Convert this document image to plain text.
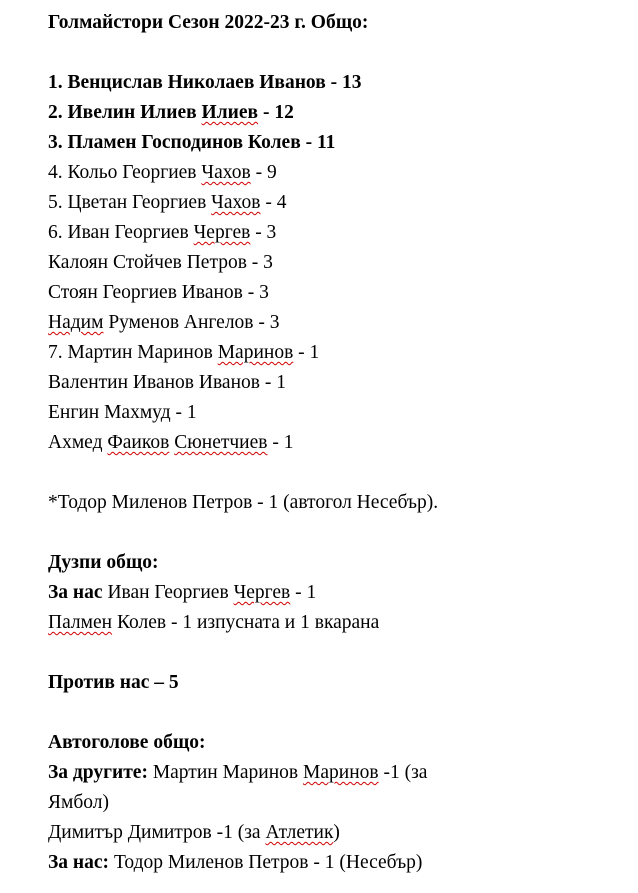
Голмайстори Сезон 2022-23 г. Общо:
1. Венцислав Николаев Иванов - 13
2. Ивелин Илиев Илиев - 12
3. Пламен Господинов Колев - 11
4. Кольо Георгиев Чахов - 9
5. Цветан Георгиев Чахов - 4
6. Иван Георгиев Чергев - 3
Калоян Стойчев Петров - 3
Стоян Георгиев Иванов - 3
Надим Руменов Ангелов - 3
7. Мартин Маринов Маринов - 1
Валентин Иванов Иванов - 1
Енгин Махмуд - 1
Ахмед Фаиков Сюнетчиев - 1
*Тодор Миленов Петров - 1 (автогол Несебър).
Дузпи общо:
За нас Иван Георгиев Чергев - 1
Палмен Колев - 1 изпусната и 1 вкарана
Против нас – 5
Автоголове общо:
За другите: Мартин Маринов Маринов -1 (за
Ямбол)
Димитър Димитров -1 (за Атлетик)
За нас: Тодор Миленов Петров - 1 (Несебър)
